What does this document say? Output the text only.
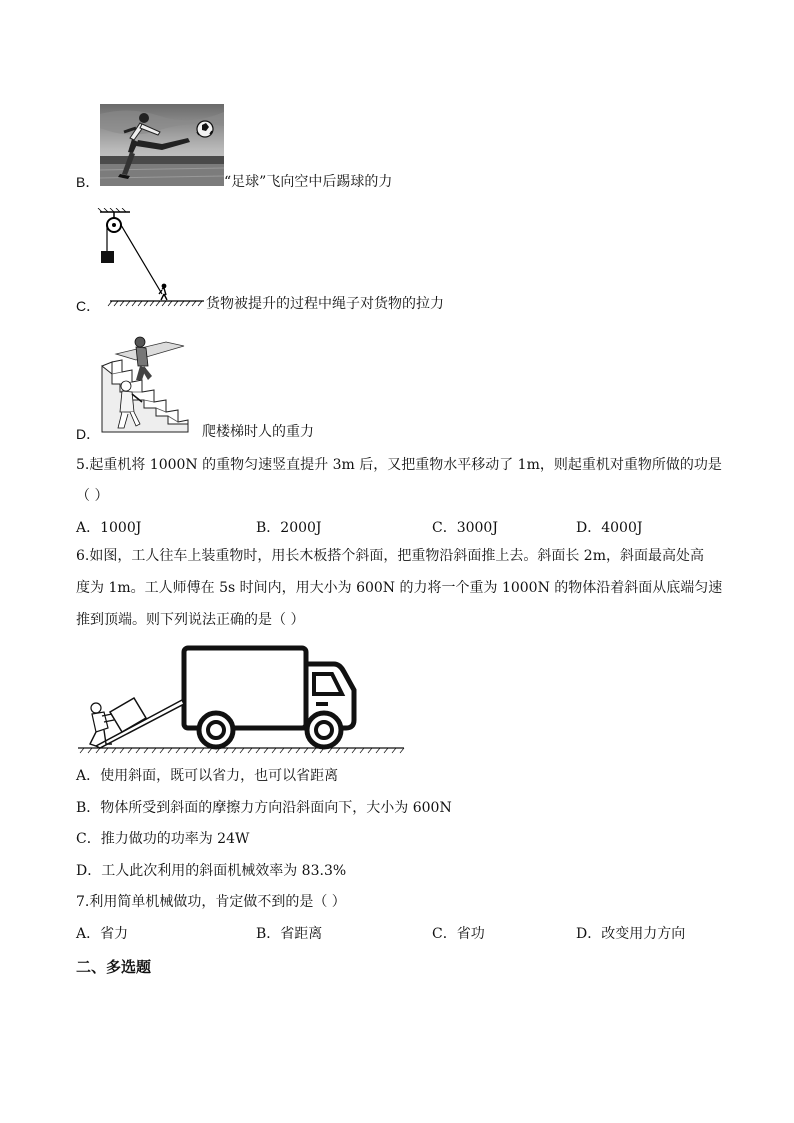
B．	“足球”飞向空中后踢球的力
C．	货物被提升的过程中绳子对货物的拉力
D．	爬楼梯时人的重力
5.起重机将 1000N 的重物匀速竖直提升 3m 后，又把重物水平移动了 1m，则起重机对重物所做的功是
（ ）
A．1000J	B．2000J	C．3000J	D．4000J
6.如图，工人往车上装重物时，用长木板搭个斜面，把重物沿斜面推上去。斜面长 2m，斜面最高处高
度为 1m。工人师傅在 5s 时间内，用大小为 600N 的力将一个重为 1000N 的物体沿着斜面从底端匀速
推到顶端。则下列说法正确的是（ ）
A．使用斜面，既可以省力，也可以省距离
B．物体所受到斜面的摩擦力方向沿斜面向下，大小为 600N
C．推力做功的功率为 24W
D．工人此次利用的斜面机械效率为 83.3%
7.利用简单机械做功，肯定做不到的是（ ）
A．省力	B．省距离	C．省功	D．改变用力方向
二、多选题
